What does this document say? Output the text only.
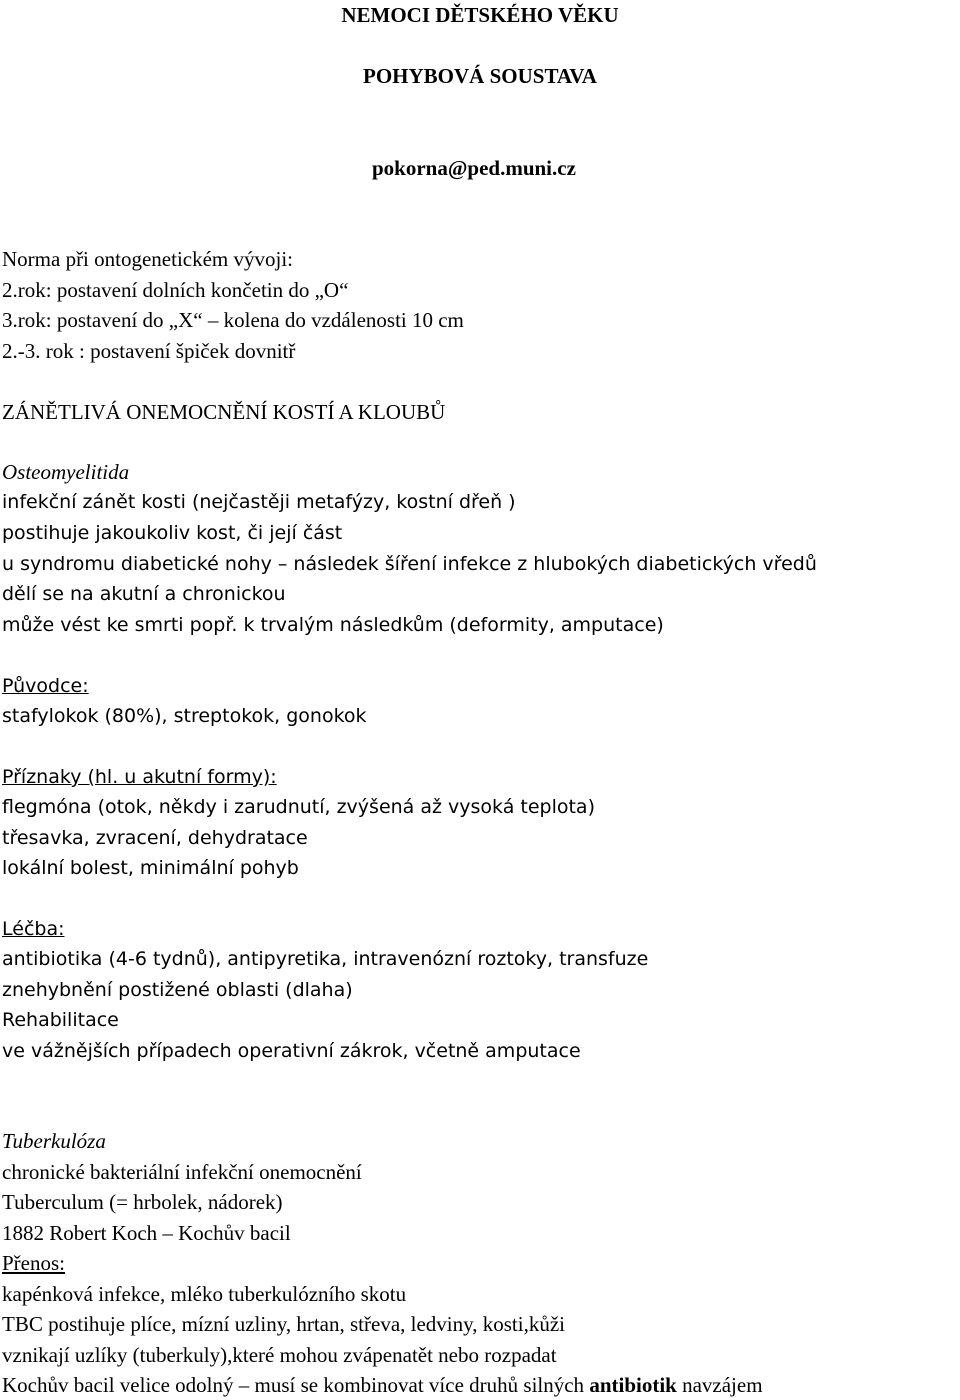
NEMOCI DĚTSKÉHO VĚKU
POHYBOVÁ SOUSTAVA
pokorna@ped.muni.cz
Norma při ontogenetickém vývoji:
2.rok: postavení dolních končetin do „O“
3.rok: postavení do „X“ – kolena do vzdálenosti 10 cm
2.-3. rok : postavení špiček dovnitř
ZÁNĚTLIVÁ ONEMOCNĚNÍ KOSTÍ A KLOUBŮ
Osteomyelitida
infekční zánět kosti (nejčastěji metafýzy, kostní dřeň )
postihuje jakoukoliv kost, či její část
u syndromu diabetické nohy – následek šíření infekce z hlubokých diabetických vředů
dělí se na akutní a chronickou
může vést ke smrti popř. k trvalým následkům (deformity, amputace)
Původce:
stafylokok (80%), streptokok, gonokok
Příznaky (hl. u akutní formy):
flegmóna (otok, někdy i zarudnutí, zvýšená až vysoká teplota)
třesavka, zvracení, dehydratace
lokální bolest, minimální pohyb
Léčba:
antibiotika (4-6 tydnů), antipyretika, intravenózní roztoky, transfuze
znehybnění postižené oblasti (dlaha)
Rehabilitace
ve vážnějších případech operativní zákrok, včetně amputace
Tuberkulóza
chronické bakteriální infekční onemocnění
Tuberculum (= hrbolek, nádorek)
1882 Robert Koch – Kochův bacil
Přenos:
kapénková infekce, mléko tuberkulózního skotu
TBC postihuje plíce, mízní uzliny, hrtan, střeva, ledviny, kosti,kůži
vznikají uzlíky (tuberkuly),které mohou zvápenatět nebo rozpadat
Kochův bacil velice odolný – musí se kombinovat více druhů silných antibiotik navzájem
